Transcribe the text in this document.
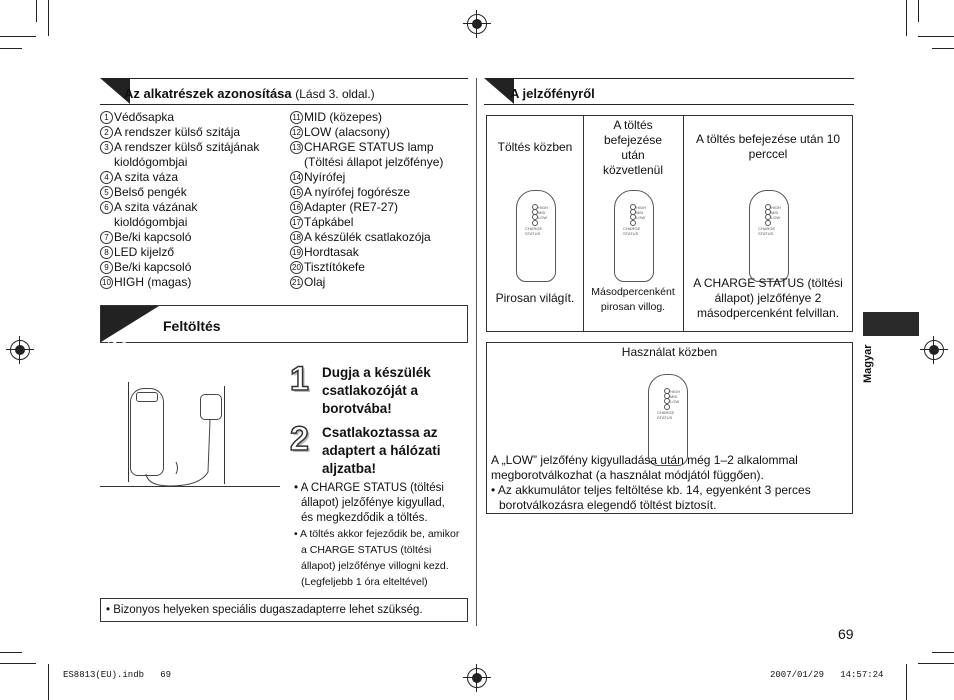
Az alkatrészek azonosítása (Lásd 3. oldal.)
1 Védősapka
2 A rendszer külső szitája
3 A rendszer külső szitájának
kioldógombjai
4 A szita váza
5 Belső pengék
6 A szita vázának
kioldógombjai
7 Be/ki kapcsoló
8 LED kijelző
9 Be/ki kapcsoló
10 HIGH (magas)
11 MID (közepes)
12 LOW (alacsony)
13 CHARGE STATUS lamp
(Töltési állapot jelzőfénye)
14 Nyírófej
15 A nyírófej fogórésze
16 Adapter (RE7-27)
17 Tápkábel
18 A készülék csatlakozója
19 Hordtasak
20 Tisztítókefe
21 Olaj
Töltés Feltöltés
1 Dugja a készülék
csatlakozóját a
borotvába!
2 Csatlakoztassa az
adaptert a hálózati
aljzatba!
• A CHARGE STATUS (töltési
állapot) jelzőfénye kigyullad,
és megkezdődik a töltés.
• A töltés akkor fejeződik be, amikor
a CHARGE STATUS (töltési
állapot) jelzőfénye villogni kezd.
(Legfeljebb 1 óra elteltével)
• Bizonyos helyeken speciális dugaszadapterre lehet szükség.
A jelzőfényről
Töltés közben
HIGH
MID
LOW
CHARGE
STATUS
Pirosan világít.
A töltés
befejezése
után
közvetlenül
HIGH
MID
LOW
CHARGE
STATUS
Másodpercenként
pirosan villog.
A töltés befejezése után 10
perccel
HIGH
MID
LOW
CHARGE
STATUS
A CHARGE STATUS (töltési
állapot) jelzőfénye 2
másodpercenként felvillan.
HIGH
MID
LOW
CHARGE
STATUS
Használat közben
A „LOW” jelzőfény kigyulladása után még 1–2 alkalommal
megborotválkozhat (a használat módjától függően).
• Az akkumulátor teljes feltöltése kb. 14, egyenként 3 perces
borotválkozásra elegendő töltést biztosít.
Magyar
69
ES8813(EU).indb   69	2007/01/29   14:57:24
